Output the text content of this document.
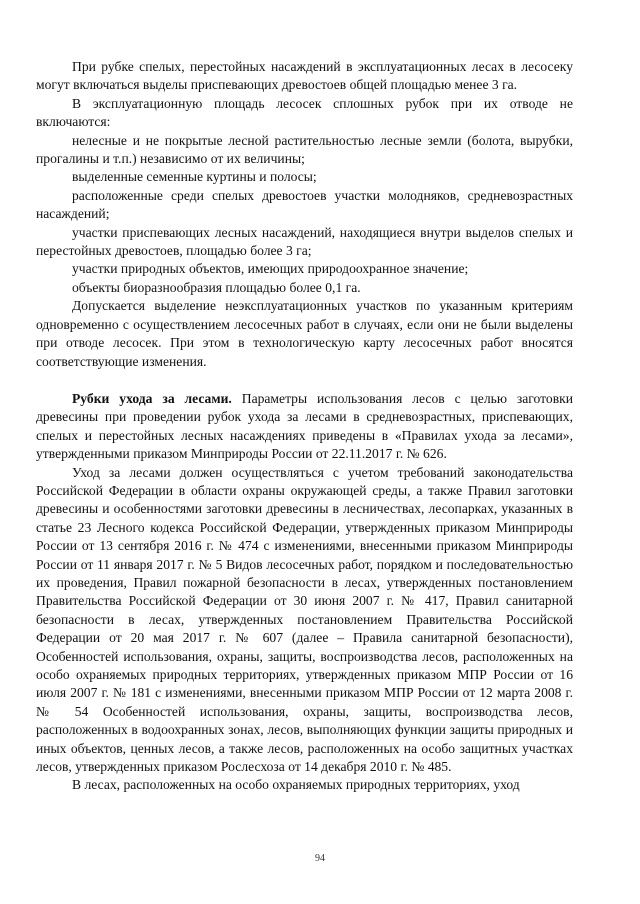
При рубке спелых, перестойных насаждений в эксплуатационных лесах в лесосеку могут включаться выделы приспевающих древостоев общей площадью менее 3 га.

В эксплуатационную площадь лесосек сплошных рубок при их отводе не включаются:

нелесные и не покрытые лесной растительностью лесные земли (болота, вырубки, прогалины и т.п.) независимо от их величины;

выделенные семенные куртины и полосы;

расположенные среди спелых древостоев участки молодняков, средневозрастных насаждений;

участки приспевающих лесных насаждений, находящиеся внутри выделов спелых и перестойных древостоев, площадью более 3 га;

участки природных объектов, имеющих природоохранное значение;

объекты биоразнообразия площадью более 0,1 га.

Допускается выделение неэксплуатационных участков по указанным критериям одновременно с осуществлением лесосечных работ в случаях, если они не были выделены при отводе лесосек. При этом в технологическую карту лесосечных работ вносятся соответствующие изменения.

Рубки ухода за лесами. Параметры использования лесов с целью заготовки древесины при проведении рубок ухода за лесами в средневозрастных, приспевающих, спелых и перестойных лесных насаждениях приведены в «Правилах ухода за лесами», утвержденными приказом Минприроды России от 22.11.2017 г. № 626.

Уход за лесами должен осуществляться с учетом требований законодательства Российской Федерации в области охраны окружающей среды, а также Правил заготовки древесины и особенностями заготовки древесины в лесничествах, лесопарках, указанных в статье 23 Лесного кодекса Российской Федерации, утвержденных приказом Минприроды России от 13 сентября 2016 г. № 474 с изменениями, внесенными приказом Минприроды России от 11 января 2017 г. № 5 Видов лесосечных работ, порядком и последовательностью их проведения, Правил пожарной безопасности в лесах, утвержденных постановлением Правительства Российской Федерации от 30 июня 2007 г. № 417, Правил санитарной безопасности в лесах, утвержденных постановлением Правительства Российской Федерации от 20 мая 2017 г. № 607 (далее – Правила санитарной безопасности), Особенностей использования, охраны, защиты, воспроизводства лесов, расположенных на особо охраняемых природных территориях, утвержденных приказом МПР России от 16 июля 2007 г. № 181 с изменениями, внесенными приказом МПР России от 12 марта 2008 г. № 54 Особенностей использования, охраны, защиты, воспроизводства лесов, расположенных в водоохранных зонах, лесов, выполняющих функции защиты природных и иных объектов, ценных лесов, а также лесов, расположенных на особо защитных участках лесов, утвержденных приказом Рослесхоза от 14 декабря 2010 г. № 485.

В лесах, расположенных на особо охраняемых природных территориях, уход

94
